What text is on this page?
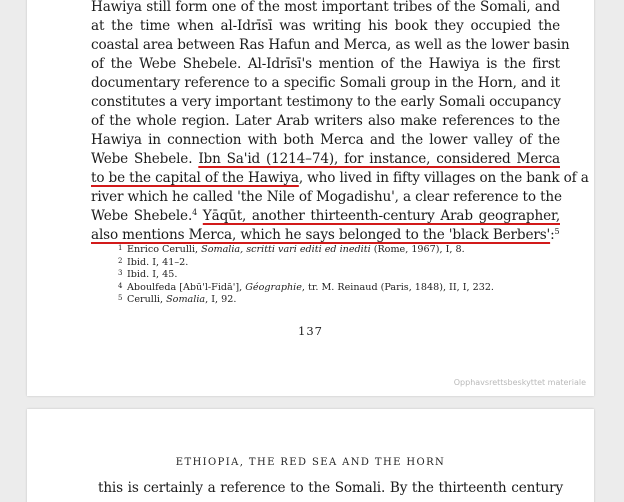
Hawiya still form one of the most important tribes of the Somali, and
at the time when al-Idrīsī was writing his book they occupied the
coastal area between Ras Hafun and Merca, as well as the lower basin
of the Webe Shebele. Al-Idrīsī's mention of the Hawiya is the first
documentary reference to a specific Somali group in the Horn, and it
constitutes a very important testimony to the early Somali occupancy
of the whole region. Later Arab writers also make references to the
Hawiya in connection with both Merca and the lower valley of the
Webe Shebele. Ibn Sa'id (1214–74), for instance, considered Merca
to be the capital of the Hawiya, who lived in fifty villages on the bank of a
river which he called 'the Nile of Mogadishu', a clear reference to the
Webe Shebele.$^4$ Yāqūt, another thirteenth-century Arab geographer,
also mentions Merca, which he says belonged to the 'black Berbers':$^5$
1 Enrico Cerulli, Somalia, scritti vari editi ed inediti (Rome, 1967), I, 8.
2 Ibid. I, 41–2.
3 Ibid. I, 45.
4 Aboulfeda [Abū'l-Fidā'], Géographie, tr. M. Reinaud (Paris, 1848), II, I, 232.
5 Cerulli, Somalia, I, 92.
137
Opphavsrettsbeskyttet materiale
ETHIOPIA, THE RED SEA AND THE HORN
this is certainly a reference to the Somali. By the thirteenth century
